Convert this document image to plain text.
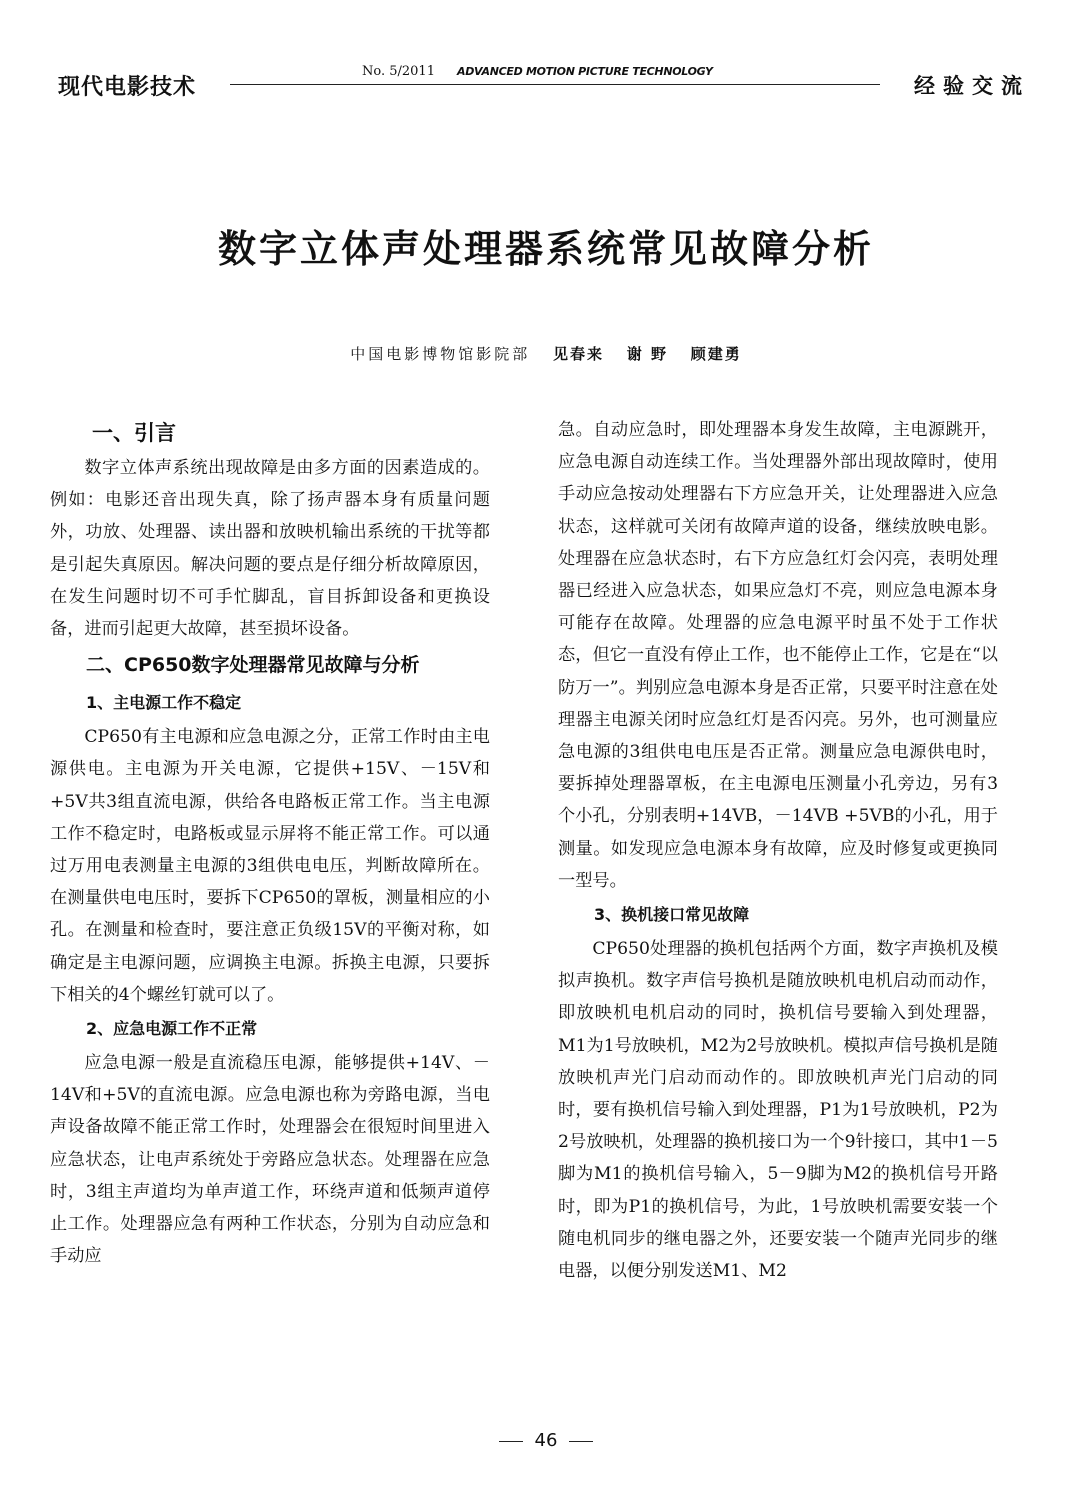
现代电影技术
No. 5/2011	ADVANCED MOTION PICTURE TECHNOLOGY
经验交流
数字立体声处理器系统常见故障分析
中国电影博物馆影院部 见春来 谢 野 顾建勇
一、引言

数字立体声系统出现故障是由多方面的因素造成的。例如：电影还音出现失真，除了扬声器本身有质量问题外，功放、处理器、读出器和放映机输出系统的干扰等都是引起失真原因。解决问题的要点是仔细分析故障原因，在发生问题时切不可手忙脚乱，盲目拆卸设备和更换设备，进而引起更大故障，甚至损坏设备。

二、CP650数字处理器常见故障与分析
1、主电源工作不稳定

CP650有主电源和应急电源之分，正常工作时由主电源供电。主电源为开关电源，它提供+15V、－15V和+5V共3组直流电源，供给各电路板正常工作。当主电源工作不稳定时，电路板或显示屏将不能正常工作。可以通过万用电表测量主电源的3组供电电压，判断故障所在。在测量供电电压时，要拆下CP650的罩板，测量相应的小孔。在测量和检查时，要注意正负级15V的平衡对称，如确定是主电源问题，应调换主电源。拆换主电源，只要拆下相关的4个螺丝钉就可以了。

2、应急电源工作不正常

应急电源一般是直流稳压电源，能够提供+14V、－14V和+5V的直流电源。应急电源也称为旁路电源，当电声设备故障不能正常工作时，处理器会在很短时间里进入应急状态，让电声系统处于旁路应急状态。处理器在应急时，3组主声道均为单声道工作，环绕声道和低频声道停止工作。处理器应急有两种工作状态，分别为自动应急和手动应

急。自动应急时，即处理器本身发生故障，主电源跳开，应急电源自动连续工作。当处理器外部出现故障时，使用手动应急按动处理器右下方应急开关，让处理器进入应急状态，这样就可关闭有故障声道的设备，继续放映电影。处理器在应急状态时，右下方应急红灯会闪亮，表明处理器已经进入应急状态，如果应急灯不亮，则应急电源本身可能存在故障。处理器的应急电源平时虽不处于工作状态，但它一直没有停止工作，也不能停止工作，它是在“以防万一”。判别应急电源本身是否正常，只要平时注意在处理器主电源关闭时应急红灯是否闪亮。另外，也可测量应急电源的3组供电电压是否正常。测量应急电源供电时，要拆掉处理器罩板，在主电源电压测量小孔旁边，另有3个小孔，分别表明+14VB，－14VB +5VB的小孔，用于测量。如发现应急电源本身有故障，应及时修复或更换同一型号。

3、换机接口常见故障

CP650处理器的换机包括两个方面，数字声换机及模拟声换机。数字声信号换机是随放映机电机启动而动作，即放映机电机启动的同时，换机信号要输入到处理器，M1为1号放映机，M2为2号放映机。模拟声信号换机是随放映机声光门启动而动作的。即放映机声光门启动的同时，要有换机信号输入到处理器，P1为1号放映机，P2为2号放映机，处理器的换机接口为一个9针接口，其中1－5脚为M1的换机信号输入，5－9脚为M2的换机信号开路时，即为P1的换机信号，为此，1号放映机需要安装一个随电机同步的继电器之外，还要安装一个随声光同步的继电器，以便分别发送M1、M2

46
